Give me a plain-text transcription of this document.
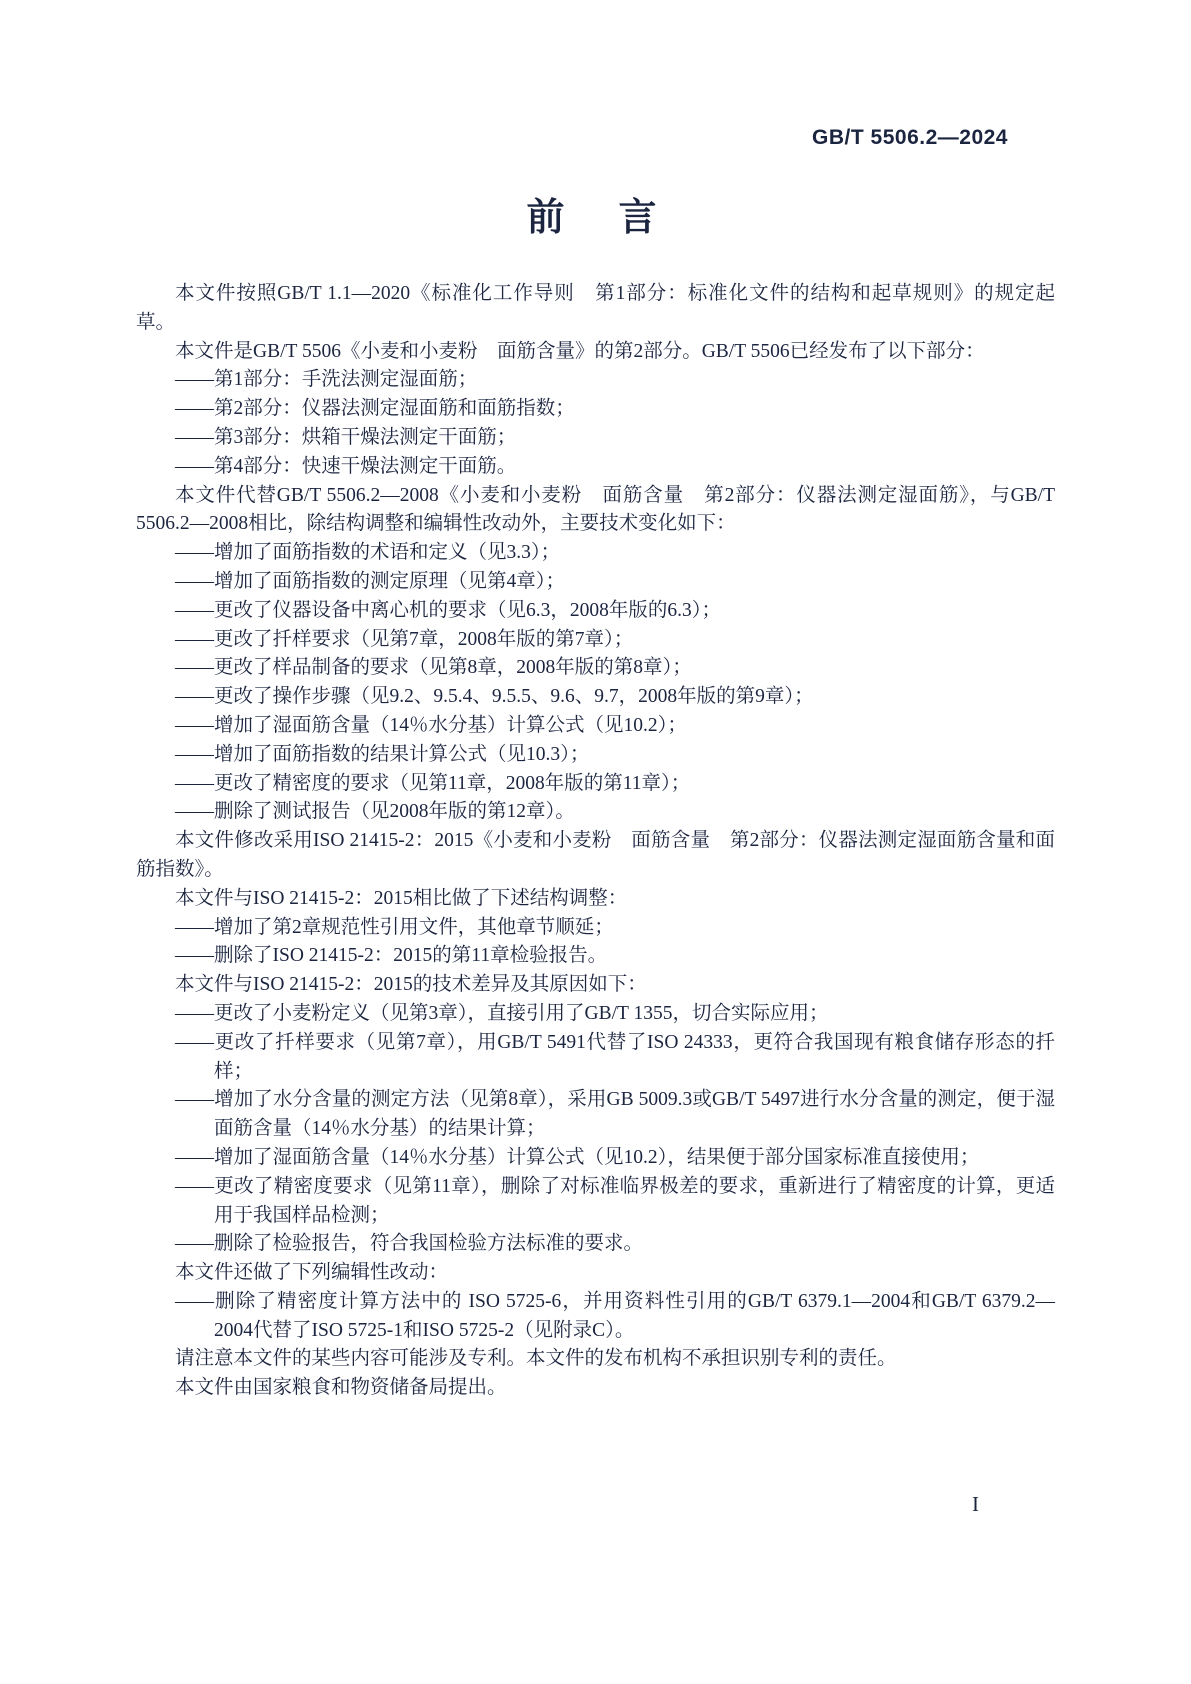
GB/T 5506.2—2024
前　言
本文件按照GB/T 1.1—2020《标准化工作导则　第1部分：标准化文件的结构和起草规则》的规定起草。
本文件是GB/T 5506《小麦和小麦粉　面筋含量》的第2部分。GB/T 5506已经发布了以下部分：
——第1部分：手洗法测定湿面筋；
——第2部分：仪器法测定湿面筋和面筋指数；
——第3部分：烘箱干燥法测定干面筋；
——第4部分：快速干燥法测定干面筋。
本文件代替GB/T 5506.2—2008《小麦和小麦粉　面筋含量　第2部分：仪器法测定湿面筋》，与GB/T 5506.2—2008相比，除结构调整和编辑性改动外，主要技术变化如下：
——增加了面筋指数的术语和定义（见3.3）；
——增加了面筋指数的测定原理（见第4章）；
——更改了仪器设备中离心机的要求（见6.3，2008年版的6.3）；
——更改了扦样要求（见第7章，2008年版的第7章）；
——更改了样品制备的要求（见第8章，2008年版的第8章）；
——更改了操作步骤（见9.2、9.5.4、9.5.5、9.6、9.7，2008年版的第9章）；
——增加了湿面筋含量（14％水分基）计算公式（见10.2）；
——增加了面筋指数的结果计算公式（见10.3）；
——更改了精密度的要求（见第11章，2008年版的第11章）；
——删除了测试报告（见2008年版的第12章）。
本文件修改采用ISO 21415-2：2015《小麦和小麦粉　面筋含量　第2部分：仪器法测定湿面筋含量和面筋指数》。
本文件与ISO 21415-2：2015相比做了下述结构调整：
——增加了第2章规范性引用文件，其他章节顺延；
——删除了ISO 21415-2：2015的第11章检验报告。
本文件与ISO 21415-2：2015的技术差异及其原因如下：
——更改了小麦粉定义（见第3章），直接引用了GB/T 1355，切合实际应用；
——更改了扦样要求（见第7章），用GB/T 5491代替了ISO 24333，更符合我国现有粮食储存形态的扦样；
——增加了水分含量的测定方法（见第8章），采用GB 5009.3或GB/T 5497进行水分含量的测定，便于湿面筋含量（14％水分基）的结果计算；
——增加了湿面筋含量（14％水分基）计算公式（见10.2），结果便于部分国家标准直接使用；
——更改了精密度要求（见第11章），删除了对标准临界极差的要求，重新进行了精密度的计算，更适用于我国样品检测；
——删除了检验报告，符合我国检验方法标准的要求。
本文件还做了下列编辑性改动：
——删除了精密度计算方法中的 ISO 5725-6，并用资料性引用的GB/T 6379.1—2004和GB/T 6379.2—2004代替了ISO 5725-1和ISO 5725-2（见附录C）。
请注意本文件的某些内容可能涉及专利。本文件的发布机构不承担识别专利的责任。
本文件由国家粮食和物资储备局提出。
I
